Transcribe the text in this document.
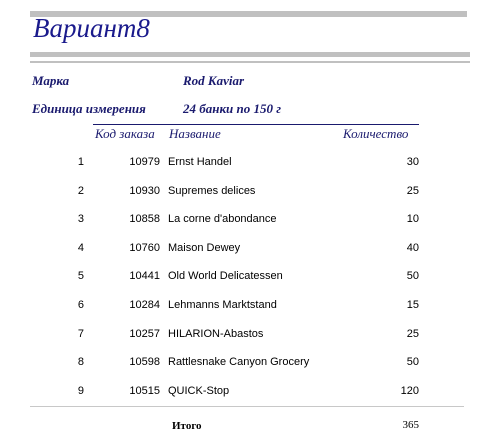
Вариант8
Марка	Rod Kaviar
Единица измерения	24 банки по 150 г
Код заказа Название	Количество
1	10979 Ernst Handel	30
2	10930 Supremes delices	25
3	10858 La corne d'abondance	10
4	10760 Maison Dewey	40
5	10441 Old World Delicatessen	50
6	10284 Lehmanns Marktstand	15
7	10257 HILARION-Abastos	25
8	10598 Rattlesnake Canyon Grocery	50
9	10515 QUICK-Stop	120
Итого	365
